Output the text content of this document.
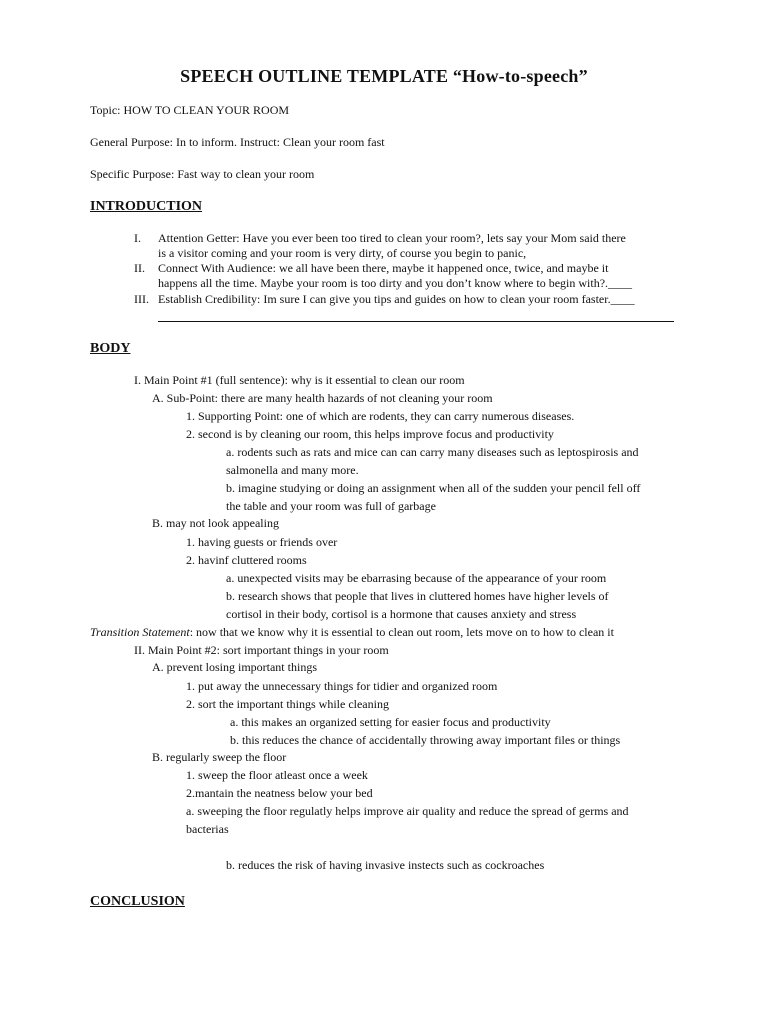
SPEECH OUTLINE TEMPLATE “How-to-speech”
Topic: HOW TO CLEAN YOUR ROOM
General Purpose: In to inform. Instruct: Clean your room fast
Specific Purpose: Fast way to clean your room
INTRODUCTION
I. Attention Getter: Have you ever been too tired to clean your room?, lets say your Mom said there
is a visitor coming and your room is very dirty, of course you begin to panic,
II. Connect With Audience: we all have been there, maybe it happened once, twice, and maybe it
happens all the time. Maybe your room is too dirty and you don’t know where to begin with?.____
III. Establish Credibility: Im sure I can give you tips and guides on how to clean your room faster.____
BODY
I. Main Point #1 (full sentence): why is it essential to clean our room
A. Sub-Point: there are many health hazards of not cleaning your room
1. Supporting Point: one of which are rodents, they can carry numerous diseases.
2. second is by cleaning our room, this helps improve focus and productivity
a. rodents such as rats and mice can can carry many diseases such as leptospirosis and
salmonella and many more.
b. imagine studying or doing an assignment when all of the sudden your pencil fell off
the table and your room was full of garbage
B. may not look appealing
1. having guests or friends over
2. havinf cluttered rooms
a. unexpected visits may be ebarrasing because of the appearance of your room
b. research shows that people that lives in cluttered homes have higher levels of
cortisol in their body, cortisol is a hormone that causes anxiety and stress
Transition Statement: now that we know why it is essential to clean out room, lets move on to how to clean it
II. Main Point #2: sort important things in your room
A. prevent losing important things
1. put away the unnecessary things for tidier and organized room
2. sort the important things while cleaning
a. this makes an organized setting for easier focus and productivity
b. this reduces the chance of accidentally throwing away important files or things
B. regularly sweep the floor
1. sweep the floor atleast once a week
2.mantain the neatness below your bed
a. sweeping the floor regulatly helps improve air quality and reduce the spread of germs and
bacterias
b. reduces the risk of having invasive instects such as cockroaches
CONCLUSION
